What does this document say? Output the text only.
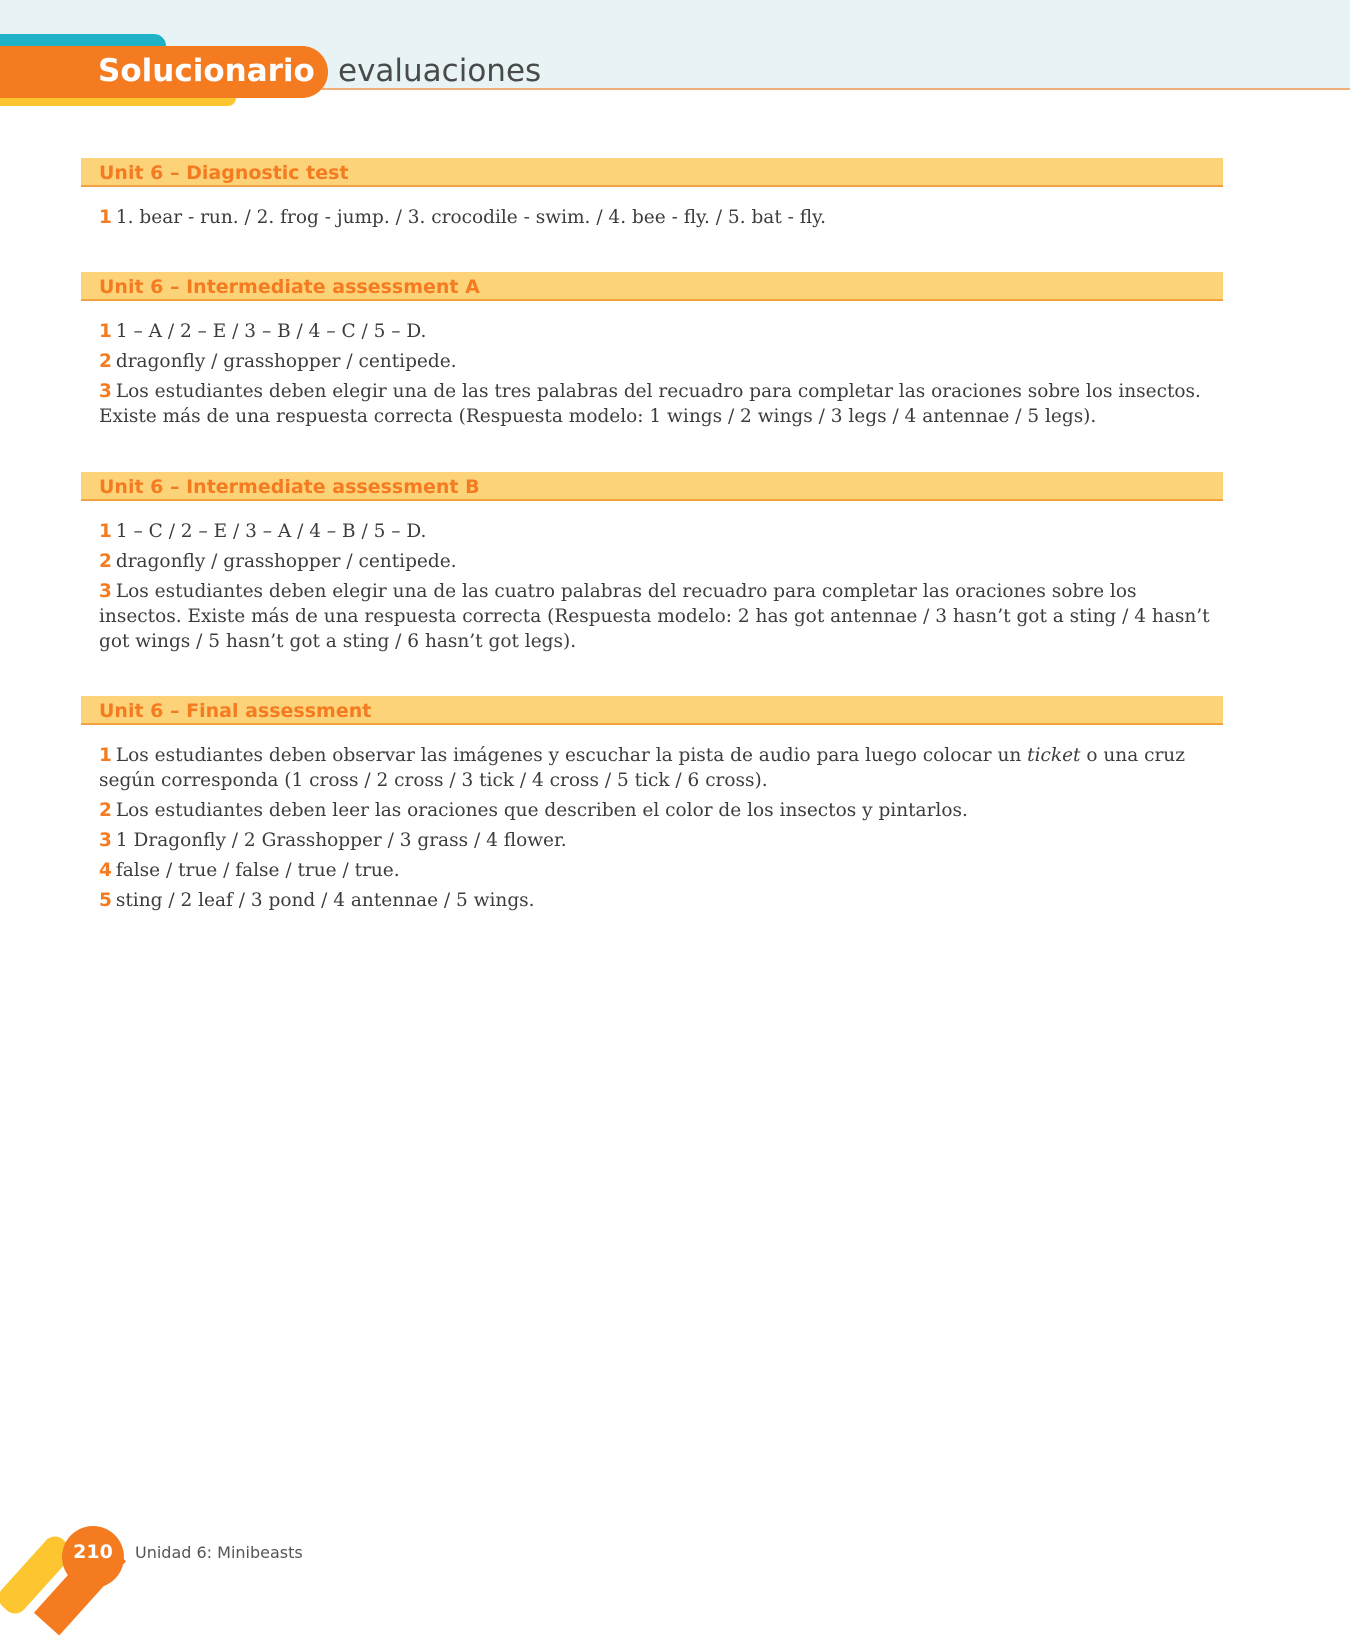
Solucionario evaluaciones
Unit 6 – Diagnostic test
1 1. bear - run. / 2. frog - jump. / 3. crocodile - swim. / 4. bee - fly. / 5. bat - fly.
Unit 6 – Intermediate assessment A
1 1 – A / 2 – E / 3 – B / 4 – C / 5 – D.
2 dragonfly / grasshopper / centipede.
3 Los estudiantes deben elegir una de las tres palabras del recuadro para completar las oraciones sobre los insectos. Existe más de una respuesta correcta (Respuesta modelo: 1 wings / 2 wings / 3 legs / 4 antennae / 5 legs).
Unit 6 – Intermediate assessment B
1 1 – C / 2 – E / 3 – A / 4 – B / 5 – D.
2 dragonfly / grasshopper / centipede.
3 Los estudiantes deben elegir una de las cuatro palabras del recuadro para completar las oraciones sobre los insectos. Existe más de una respuesta correcta (Respuesta modelo: 2 has got antennae / 3 hasn’t got a sting / 4 hasn’t got wings / 5 hasn’t got a sting / 6 hasn’t got legs).
Unit 6 – Final assessment
1 Los estudiantes deben observar las imágenes y escuchar la pista de audio para luego colocar un ticket o una cruz según corresponda (1 cross / 2 cross / 3 tick / 4 cross / 5 tick / 6 cross).
2 Los estudiantes deben leer las oraciones que describen el color de los insectos y pintarlos.
3 1 Dragonfly / 2 Grasshopper / 3 grass / 4 flower.
4 false / true / false / true / true.
5 sting / 2 leaf / 3 pond / 4 antennae / 5 wings.
210	Unidad 6: Minibeasts
